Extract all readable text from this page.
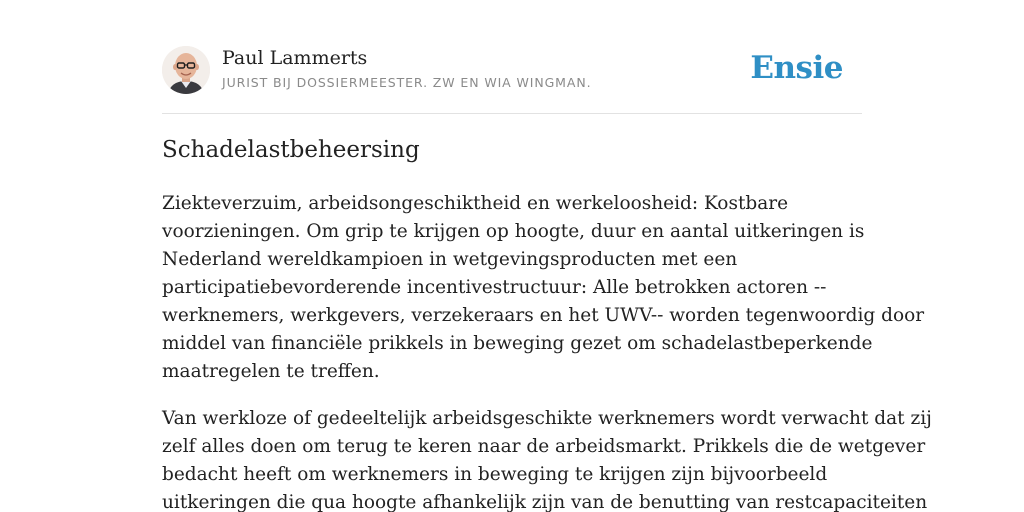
Paul Lammerts
JURIST BIJ DOSSIERMEESTER. ZW EN WIA WINGMAN.	Ensie
Schadelastbeheersing

Ziekteverzuim, arbeidsongeschiktheid en werkeloosheid: Kostbare
voorzieningen. Om grip te krijgen op hoogte, duur en aantal uitkeringen is
Nederland wereldkampioen in wetgevingsproducten met een
participatiebevorderende incentivestructuur: Alle betrokken actoren --
werknemers, werkgevers, verzekeraars en het UWV-- worden tegenwoordig door
middel van financiële prikkels in beweging gezet om schadelastbeperkende
maatregelen te treffen.

Van werkloze of gedeeltelijk arbeidsgeschikte werknemers wordt verwacht dat zij
zelf alles doen om terug te keren naar de arbeidsmarkt. Prikkels die de wetgever
bedacht heeft om werknemers in beweging te krijgen zijn bijvoorbeeld
uitkeringen die qua hoogte afhankelijk zijn van de benutting van restcapaciteiten
